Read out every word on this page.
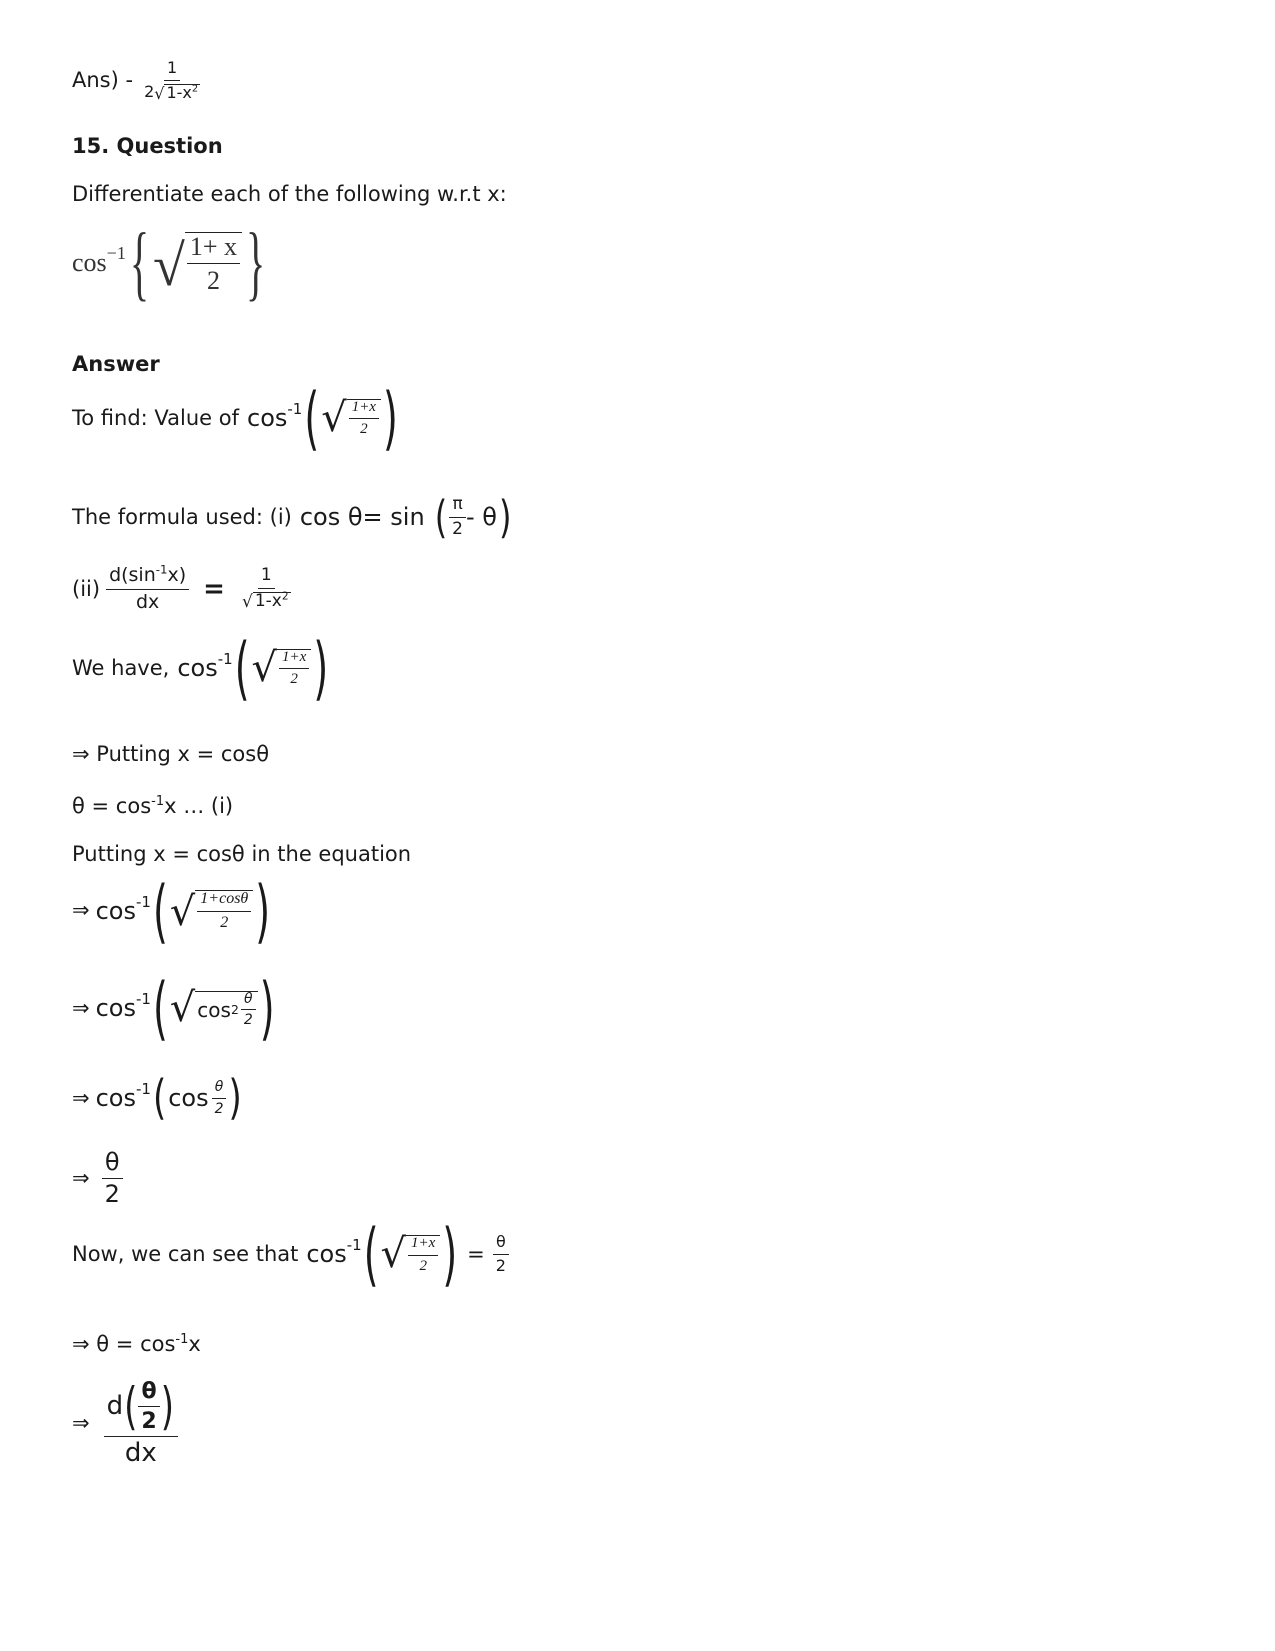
$Ans) - \frac{1}{2 √ 1-x^2}$
15. Question
Differentiate each of the following w.r.t x:
$\cos^{-1}$ { √ $\frac{1+ x}{2}$ }
Answer
To find: Value of $\cos^{-1}$ ( √ $\frac{1+x}{2}$ )
The formula used: (i) cos θ= sin ( $\frac{\pi}{2}$ - θ )
$(ii) \frac{d(\sin^{-1}x)}{dx} = \frac{1}{√ 1-x^2}$
We have, $\cos^{-1}$ ( √ $\frac{1+x}{2}$ )
⇒ Putting x = cosθ
$\theta = \cos^{-1}x$ … (i)
Putting x = cosθ in the equation
⇒ $\cos^{-1}$ ( √ $\frac{1+\cos\theta}{2}$ )
⇒ $\cos^{-1}$ ( √ $\cos 2 \frac{\theta}{2}$ )
⇒ $\cos^{-1}$ ( $\cos \frac{\theta}{2}$ )
⇒ $\frac{\theta}{2}$
Now, we can see that $\cos^{-1}$ ( √ $\frac{1+x}{2}$ ) = $\frac{\theta}{2}$
⇒ $\theta = \cos^{-1}x$
⇒ $\frac{d ( \frac{\theta}{2} )}{dx}$
